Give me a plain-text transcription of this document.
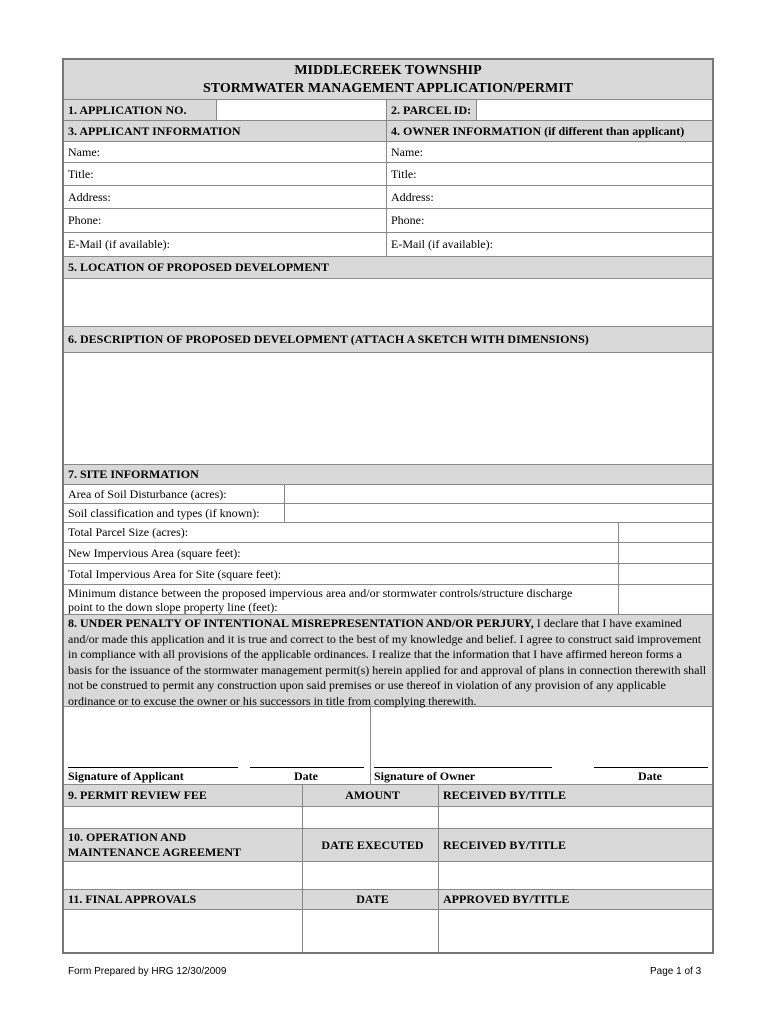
MIDDLECREEK TOWNSHIP
STORMWATER MANAGEMENT APPLICATION/PERMIT
1. APPLICATION NO.	2. PARCEL ID:
3. APPLICANT INFORMATION	4. OWNER INFORMATION (if different than applicant)
Name:	Name:
Title:	Title:
Address:	Address:
Phone:	Phone:
E-Mail (if available):	E-Mail (if available):
5. LOCATION OF PROPOSED DEVELOPMENT
6. DESCRIPTION OF PROPOSED DEVELOPMENT (ATTACH A SKETCH WITH DIMENSIONS)
7. SITE INFORMATION
Area of Soil Disturbance (acres):
Soil classification and types (if known):
Total Parcel Size (acres):
New Impervious Area (square feet):
Total Impervious Area for Site (square feet):
Minimum distance between the proposed impervious area and/or stormwater controls/structure discharge
point to the down slope property line (feet):
8. UNDER PENALTY OF INTENTIONAL MISREPRESENTATION AND/OR PERJURY, I declare that I have examined and/or made this application and it is true and correct to the best of my knowledge and belief. I agree to construct said improvement in compliance with all provisions of the applicable ordinances. I realize that the information that I have affirmed hereon forms a basis for the issuance of the stormwater management permit(s) herein applied for and approval of plans in connection therewith shall not be construed to permit any construction upon said premises or use thereof in violation of any provision of any applicable ordinance or to excuse the owner or his successors in title from complying therewith.
Signature of Applicant	Date	Signature of Owner	Date
9. PERMIT REVIEW FEE	AMOUNT	RECEIVED BY/TITLE
10. OPERATION AND
MAINTENANCE AGREEMENT
DATE EXECUTED	RECEIVED BY/TITLE
11. FINAL APPROVALS	DATE	APPROVED BY/TITLE
Form Prepared by HRG 12/30/2009	Page 1 of 3
